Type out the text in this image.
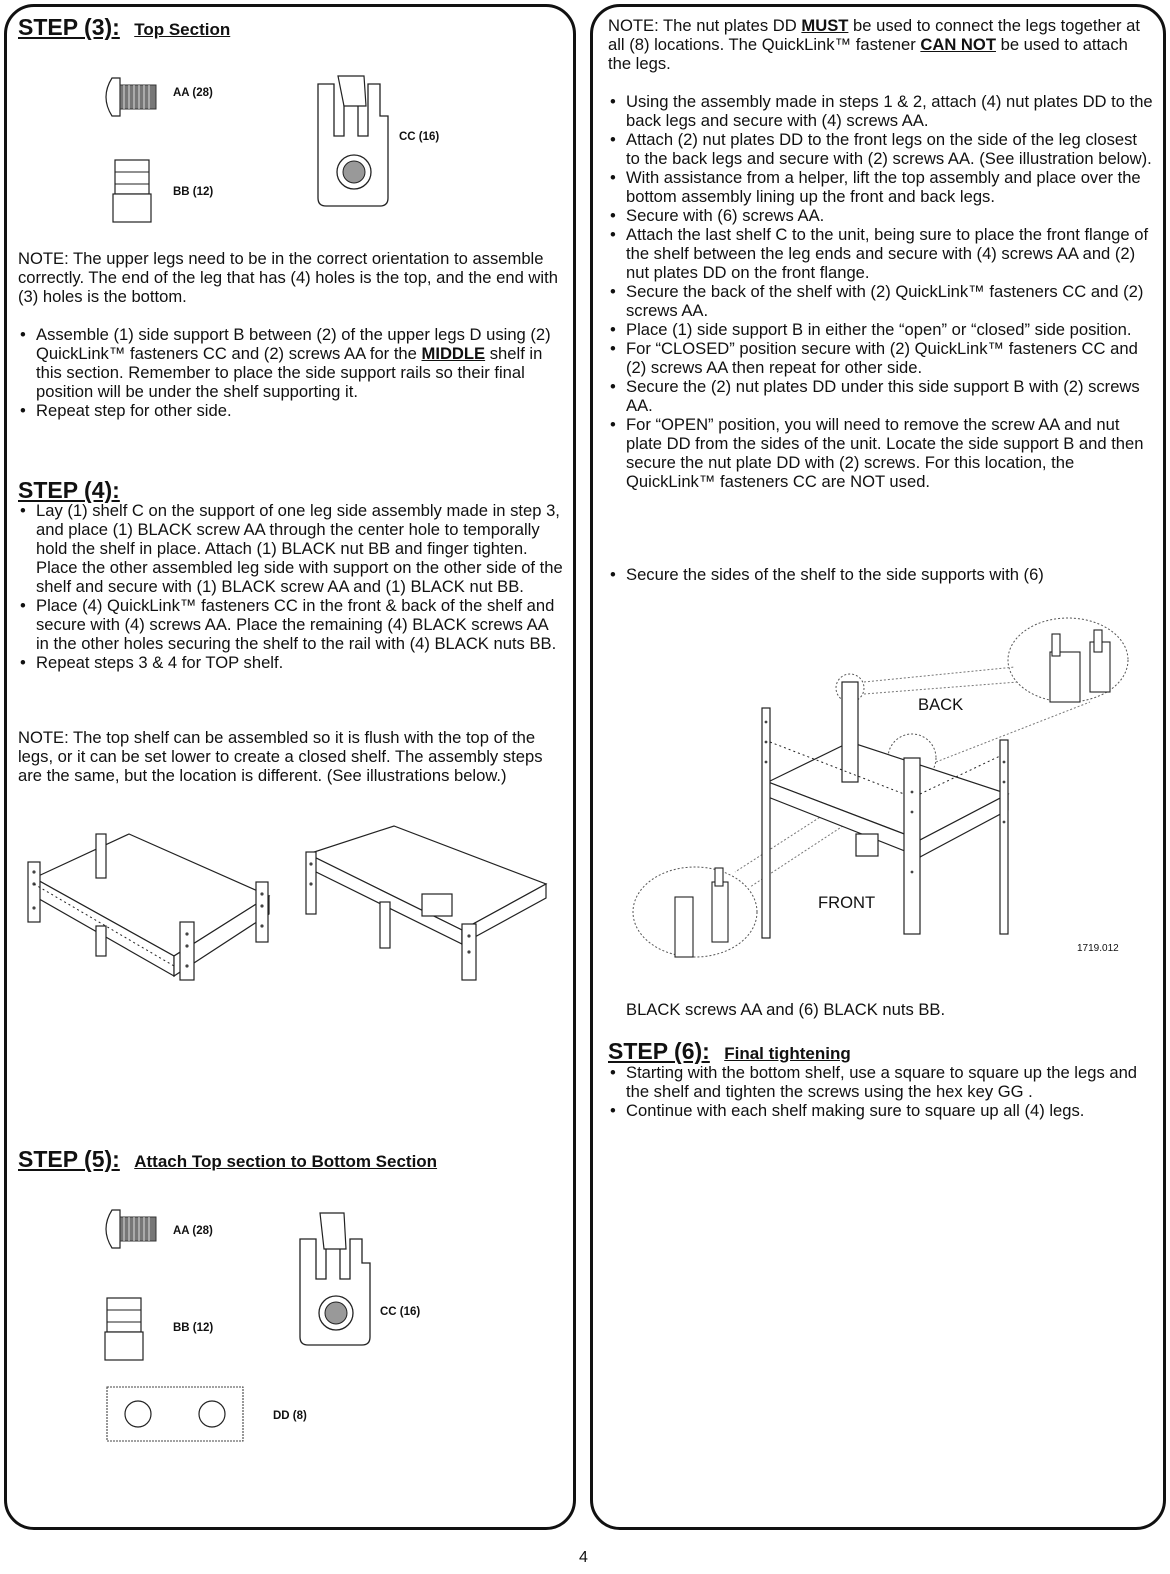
STEP (3): Top Section
AA (28)
BB (12)
CC (16)

NOTE: The upper legs need to be in the correct orientation to assemble correctly. The end of the leg that has (4) holes is the top, and the end with (3) holes is the bottom.

• Assemble (1) side support B between (2) of the upper legs D using (2) QuickLink™ fasteners CC and (2) screws AA for the MIDDLE shelf in this section. Remember to place the side support rails so their final position will be under the shelf supporting it.
• Repeat step for other side.
STEP (4):
• Lay (1) shelf C on the support of one leg side assembly made in step 3, and place (1) BLACK screw AA through the center hole to temporally hold the shelf in place. Attach (1) BLACK nut BB and finger tighten. Place the other assembled leg side with support on the other side of the shelf and secure with (1) BLACK screw AA and (1) BLACK nut BB.
• Place (4) QuickLink™ fasteners CC in the front & back of the shelf and secure with (4) screws AA. Place the remaining (4) BLACK screws AA in the other holes securing the shelf to the rail with (4) BLACK nuts BB.
• Repeat steps 3 & 4 for TOP shelf.

NOTE: The top shelf can be assembled so it is flush with the top of the legs, or it can be set lower to create a closed shelf. The assembly steps are the same, but the location is different. (See illustrations below.)

STEP (5): Attach Top section to Bottom Section
AA (28)
BB (12)
CC (16)
DD (8)

NOTE: The nut plates DD MUST be used to connect the legs together at all (8) locations. The QuickLink™ fastener CAN NOT be used to attach the legs.

• Using the assembly made in steps 1 & 2, attach (4) nut plates DD to the back legs and secure with (4) screws AA.
• Attach (2) nut plates DD to the front legs on the side of the leg closest to the back legs and secure with (2) screws AA. (See illustration below).
• With assistance from a helper, lift the top assembly and place over the bottom assembly lining up the front and back legs.
• Secure with (6) screws AA.
• Attach the last shelf C to the unit, being sure to place the front flange of the shelf between the leg ends and secure with (4) screws AA and (2) nut plates DD on the front flange.
• Secure the back of the shelf with (2) QuickLink™ fasteners CC and (2) screws AA.
• Place (1) side support B in either the “open” or “closed” side position.
• For “CLOSED” position secure with (2) QuickLink™ fasteners CC and (2) screws AA then repeat for other side.
• Secure the (2) nut plates DD under this side support B with (2) screws AA.
• For “OPEN” position, you will need to remove the screw AA and nut plate DD from the sides of the unit. Locate the side support B and then secure the nut plate DD with (2) screws. For this location, the QuickLink™ fasteners CC are NOT used.
• Secure the sides of the shelf to the side supports with (6)
BACK
FRONT
1719.012
BLACK screws AA and (6) BLACK nuts BB.
STEP (6): Final tightening
• Starting with the bottom shelf, use a square to square up the legs and the shelf and tighten the screws using the hex key GG .
• Continue with each shelf making sure to square up all (4) legs.
4
